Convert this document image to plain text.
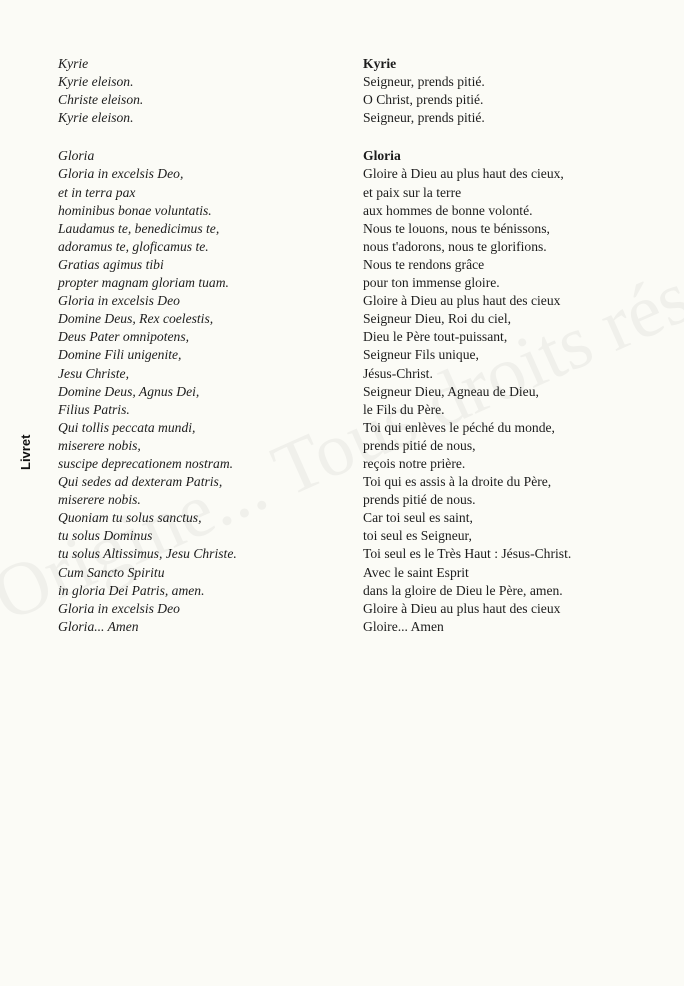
Livret
Kyrie
Kyrie eleison.
Christe eleison.
Kyrie eleison.
Gloria
Gloria in excelsis Deo,
et in terra pax
hominibus bonae voluntatis.
Laudamus te, benedicimus te,
adoramus te, gloficamus te.
Gratias agimus tibi
propter magnam gloriam tuam.
Gloria in excelsis Deo
Domine Deus, Rex coelestis,
Deus Pater omnipotens,
Domine Fili unigenite,
Jesu Christe,
Domine Deus, Agnus Dei,
Filius Patris.
Qui tollis peccata mundi,
miserere nobis,
suscipe deprecationem nostram.
Qui sedes ad dexteram Patris,
miserere nobis.
Quoniam tu solus sanctus,
tu solus Dominus
tu solus Altissimus, Jesu Christe.
Cum Sancto Spiritu
in gloria Dei Patris, amen.
Gloria in excelsis Deo
Gloria... Amen
Kyrie
Seigneur, prends pitié.
O Christ, prends pitié.
Seigneur, prends pitié.
Gloria
Gloire à Dieu au plus haut des cieux,
et paix sur la terre
aux hommes de bonne volonté.
Nous te louons, nous te bénissons,
nous t'adorons, nous te glorifions.
Nous te rendons grâce
pour ton immense gloire.
Gloire à Dieu au plus haut des cieux
Seigneur Dieu, Roi du ciel,
Dieu le Père tout-puissant,
Seigneur Fils unique,
Jésus-Christ.
Seigneur Dieu, Agneau de Dieu,
le Fils du Père.
Toi qui enlèves le péché du monde,
prends pitié de nous,
reçois notre prière.
Toi qui es assis à la droite du Père,
prends pitié de nous.
Car toi seul es saint,
toi seul es Seigneur,
Toi seul es le Très Haut : Jésus-Christ.
Avec le saint Esprit
dans la gloire de Dieu le Père, amen.
Gloire à Dieu au plus haut des cieux
Gloire... Amen
